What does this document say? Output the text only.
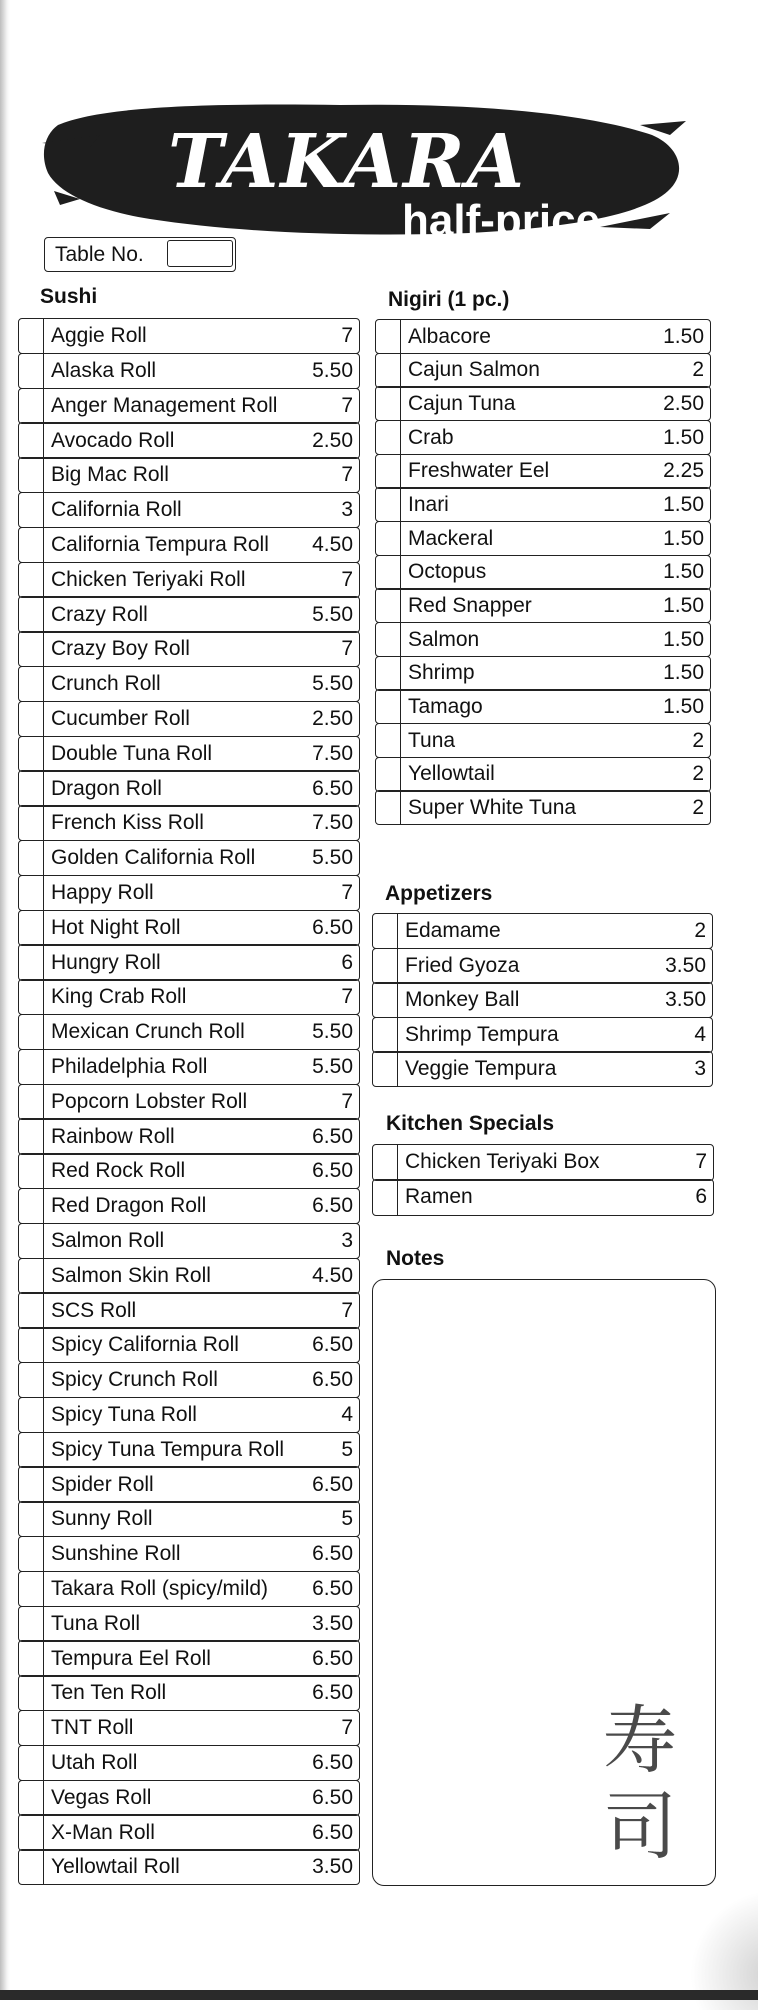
TAKARA
half-price
Table No.
Sushi	Nigiri (1 pc.)
Appetizers
Kitchen Specials
Notes
Aggie Roll	7
Alaska Roll	5.50
Anger Management Roll	7
Avocado Roll	2.50
Big Mac Roll	7
California Roll	3
California Tempura Roll 4.50
Chicken Teriyaki Roll	7
Crazy Roll	5.50
Crazy Boy Roll	7
Crunch Roll	5.50
Cucumber Roll	2.50
Double Tuna Roll	7.50
Dragon Roll	6.50
French Kiss Roll	7.50
Golden California Roll	5.50
Happy Roll	7
Hot Night Roll	6.50
Hungry Roll	6
King Crab Roll	7
Mexican Crunch Roll	5.50
Philadelphia Roll	5.50
Popcorn Lobster Roll	7
Rainbow Roll	6.50
Red Rock Roll	6.50
Red Dragon Roll	6.50
Salmon Roll	3
Salmon Skin Roll	4.50
SCS Roll	7
Spicy California Roll	6.50
Spicy Crunch Roll	6.50
Spicy Tuna Roll	4
Spicy Tuna Tempura Roll	5
Spider Roll	6.50
Sunny Roll	5
Sunshine Roll	6.50
Takara Roll (spicy/mild) 6.50
Tuna Roll	3.50
Tempura Eel Roll	6.50
Ten Ten Roll	6.50
TNT Roll	7
Utah Roll	6.50
Vegas Roll	6.50
X-Man Roll	6.50
Yellowtail Roll	3.50
Albacore	1.50
Cajun Salmon	2
Cajun Tuna	2.50
Crab	1.50
Freshwater Eel	2.25
Inari	1.50
Mackeral	1.50
Octopus	1.50
Red Snapper	1.50
Salmon	1.50
Shrimp	1.50
Tamago	1.50
Tuna	2
Yellowtail	2
Super White Tuna	2
Edamame	2
Fried Gyoza	3.50
Monkey Ball	3.50
Shrimp Tempura	4
Veggie Tempura	3
Chicken Teriyaki Box	7
Ramen	6
寿
司
